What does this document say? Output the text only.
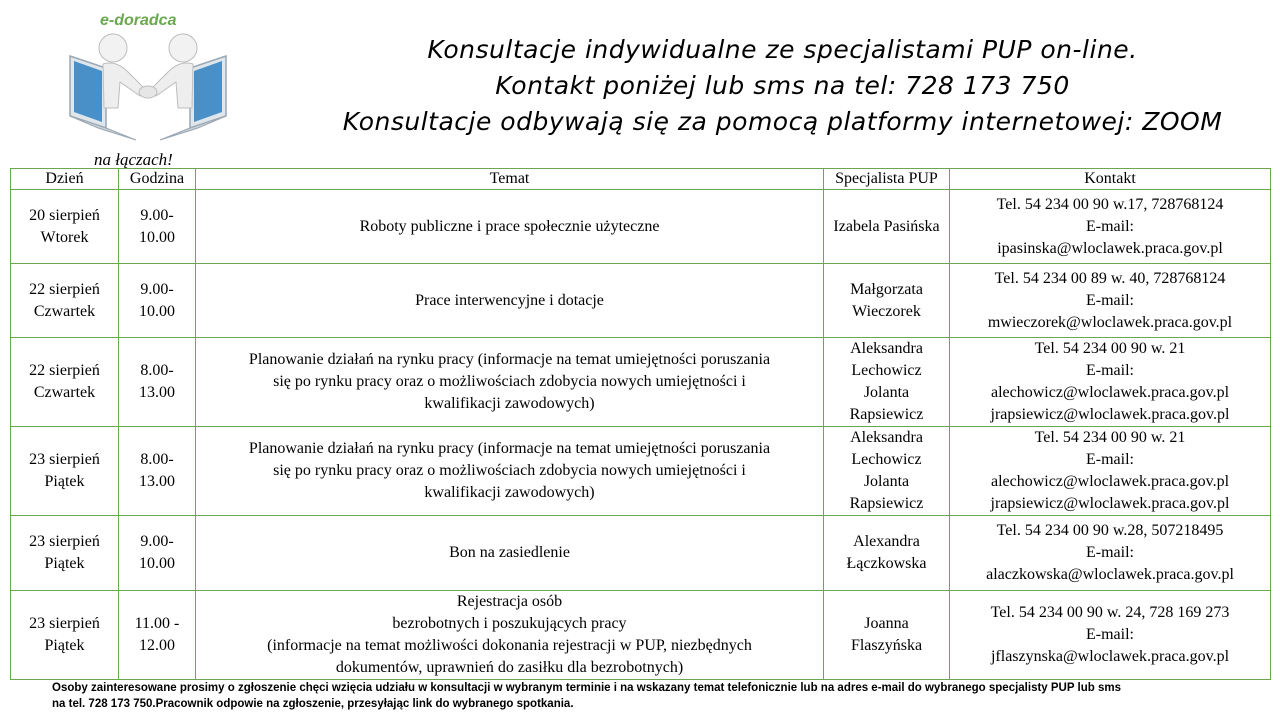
e-doradca
na łączach!
Konsultacje indywidualne ze specjalistami PUP on-line.
Kontakt poniżej lub sms na tel: 728 173 750
Konsultacje odbywają się za pomocą platformy internetowej: ZOOM
Dzień	Godzina	Temat	Specjalista PUP	Kontakt

20 sierpień
Wtorek	9.00-
10.00	Roboty publiczne i prace społecznie użyteczne	Izabela Pasińska	Tel. 54 234 00 90 w.17, 728768124
E-mail:
ipasinska@wloclawek.praca.gov.pl

22 sierpień
Czwartek	9.00-
10.00	Prace interwencyjne i dotacje	Małgorzata
Wieczorek	Tel. 54 234 00 89 w. 40, 728768124
E-mail:
mwieczorek@wloclawek.praca.gov.pl

22 sierpień
Czwartek	8.00-
13.00	Planowanie działań na rynku pracy (informacje na temat umiejętności poruszania
się po rynku pracy oraz o możliwościach zdobycia nowych umiejętności i
kwalifikacji zawodowych)	Aleksandra
Lechowicz
Jolanta
Rapsiewicz	Tel. 54 234 00 90 w. 21
E-mail:
alechowicz@wloclawek.praca.gov.pl
jrapsiewicz@wloclawek.praca.gov.pl

23 sierpień
Piątek	8.00-
13.00	Planowanie działań na rynku pracy (informacje na temat umiejętności poruszania
się po rynku pracy oraz o możliwościach zdobycia nowych umiejętności i
kwalifikacji zawodowych)	Aleksandra
Lechowicz
Jolanta
Rapsiewicz	Tel. 54 234 00 90 w. 21
E-mail:
alechowicz@wloclawek.praca.gov.pl
jrapsiewicz@wloclawek.praca.gov.pl

23 sierpień
Piątek	9.00-
10.00	Bon na zasiedlenie	Alexandra
Łączkowska	Tel. 54 234 00 90 w.28, 507218495
E-mail:
alaczkowska@wloclawek.praca.gov.pl

23 sierpień
Piątek	11.00 -
12.00	Rejestracja osób
bezrobotnych i poszukujących pracy
(informacje na temat możliwości dokonania rejestracji w PUP, niezbędnych
dokumentów, uprawnień do zasiłku dla bezrobotnych)	Joanna
Flaszyńska	Tel. 54 234 00 90 w. 24, 728 169 273
E-mail:
jflaszynska@wloclawek.praca.gov.pl
Osoby zainteresowane prosimy o zgłoszenie chęci wzięcia udziału w konsultacji w wybranym terminie i na wskazany temat telefonicznie lub na adres e-mail do wybranego specjalisty PUP lub sms
na tel. 728 173 750.Pracownik odpowie na zgłoszenie, przesyłając link do wybranego spotkania.
